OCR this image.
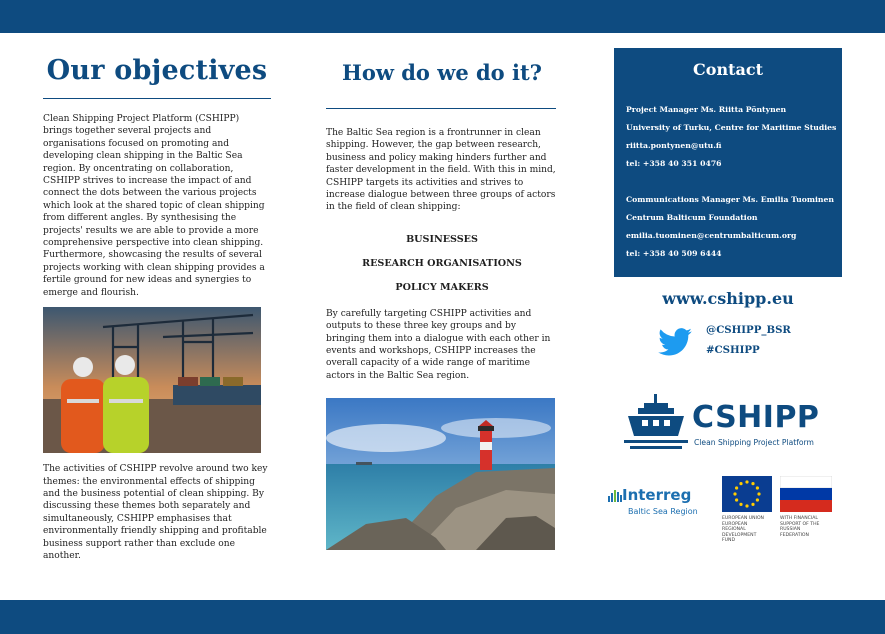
Our objectives

Clean Shipping Project Platform (CSHIPP) brings together several projects and organisations focused on promoting and developing clean shipping in the Baltic Sea region. By oncentrating on collaboration, CSHIPP strives to increase the impact of and connect the dots between the various projects which look at the shared topic of clean shipping from different angles. By synthesising the projects' results we are able to provide a more comprehensive perspective into clean shipping. Furthermore, showcasing the results of several projects working with clean shipping provides a fertile ground for new ideas and synergies to emerge and flourish.

The activities of CSHIPP revolve around two key themes: the environmental effects of shipping and the business potential of clean shipping. By discussing these themes both separately and simultaneously, CSHIPP emphasises that environmentally friendly shipping and profitable business support rather than exclude one another.

How do we do it?

The Baltic Sea region is a frontrunner in clean shipping. However, the gap between research, business and policy making hinders further and faster development in the field. With this in mind, CSHIPP targets its activities and strives to increase dialogue between three groups of actors in the field of clean shipping:

BUSINESSES
RESEARCH ORGANISATIONS
POLICY MAKERS

By carefully targeting CSHIPP activities and outputs to these three key groups and by bringing them into a dialogue with each other in events and workshops, CSHIPP increases the overall capacity of a wide range of maritime actors in the Baltic Sea region.

Contact
Project Manager Ms. Riitta Pöntynen
University of Turku, Centre for Maritime Studies
riitta.pontynen@utu.fi
tel: +358 40 351 0476
Communications Manager Ms. Emilia Tuominen
Centrum Balticum Foundation
emilia.tuominen@centrumbalticum.org
tel: +358 40 509 6444
www.cshipp.eu
@CSHIPP_BSR
#CSHIPP
CSHIPP
Clean Shipping Project Platform
Interreg
Baltic Sea Region
EUROPEAN UNION
EUROPEAN
REGIONAL
DEVELOPMENT
FUND
WITH FINANCIAL
SUPPORT OF THE
RUSSIAN
FEDERATION
